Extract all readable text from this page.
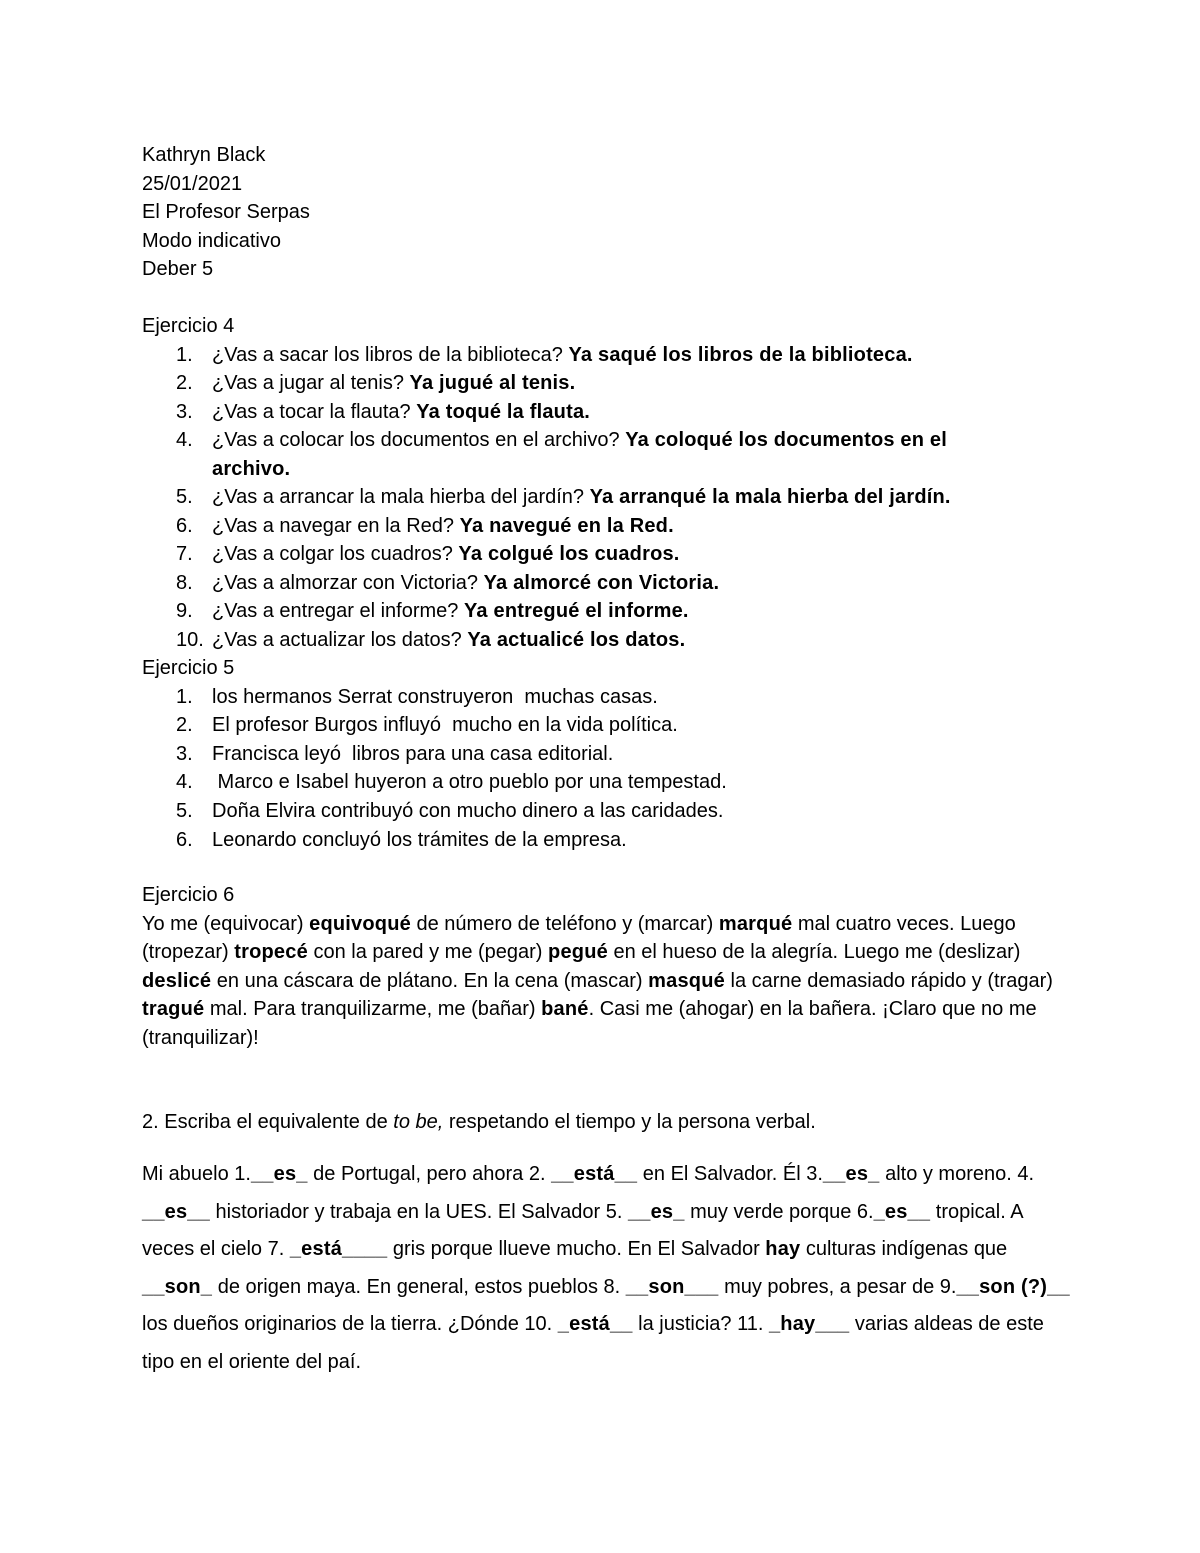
Kathryn Black
25/01/2021
El Profesor Serpas
Modo indicativo
Deber 5
Ejercicio 4
1. ¿Vas a sacar los libros de la biblioteca? Ya saqué los libros de la biblioteca.
2. ¿Vas a jugar al tenis? Ya jugué al tenis.
3. ¿Vas a tocar la flauta? Ya toqué la flauta.
4. ¿Vas a colocar los documentos en el archivo? Ya coloqué los documentos en el archivo.
5. ¿Vas a arrancar la mala hierba del jardín? Ya arranqué la mala hierba del jardín.
6. ¿Vas a navegar en la Red? Ya navegué en la Red.
7. ¿Vas a colgar los cuadros? Ya colgué los cuadros.
8. ¿Vas a almorzar con Victoria? Ya almorcé con Victoria.
9. ¿Vas a entregar el informe? Ya entregué el informe.
10. ¿Vas a actualizar los datos? Ya actualicé los datos.
Ejercicio 5
1. los hermanos Serrat construyeron  muchas casas.
2. El profesor Burgos influyó  mucho en la vida política.
3. Francisca leyó  libros para una casa editorial.
4. Marco e Isabel huyeron a otro pueblo por una tempestad.
5. Doña Elvira contribuyó con mucho dinero a las caridades.
6. Leonardo concluyó los trámites de la empresa.
Ejercicio 6
Yo me (equivocar) equivoqué de número de teléfono y (marcar) marqué mal cuatro veces. Luego (tropezar) tropecé con la pared y me (pegar) pegué en el hueso de la alegría. Luego me (deslizar) deslicé en una cáscara de plátano. En la cena (mascar) masqué la carne demasiado rápido y (tragar) tragué mal. Para tranquilizarme, me (bañar) bané. Casi me (ahogar) en la bañera. ¡Claro que no me (tranquilizar)!
2. Escriba el equivalente de to be, respetando el tiempo y la persona verbal.
Mi abuelo 1.__es_ de Portugal, pero ahora 2. __está__ en El Salvador. Él 3.__es_ alto y moreno. 4. __es__ historiador y trabaja en la UES. El Salvador 5. __es_ muy verde porque 6._es__ tropical. A veces el cielo 7. _está____ gris porque llueve mucho. En El Salvador hay culturas indígenas que __son_ de origen maya. En general, estos pueblos 8. __son___ muy pobres, a pesar de 9.__son (?)__ los dueños originarios de la tierra. ¿Dónde 10. _está__ la justicia? 11. _hay___ varias aldeas de este tipo en el oriente del paí.
